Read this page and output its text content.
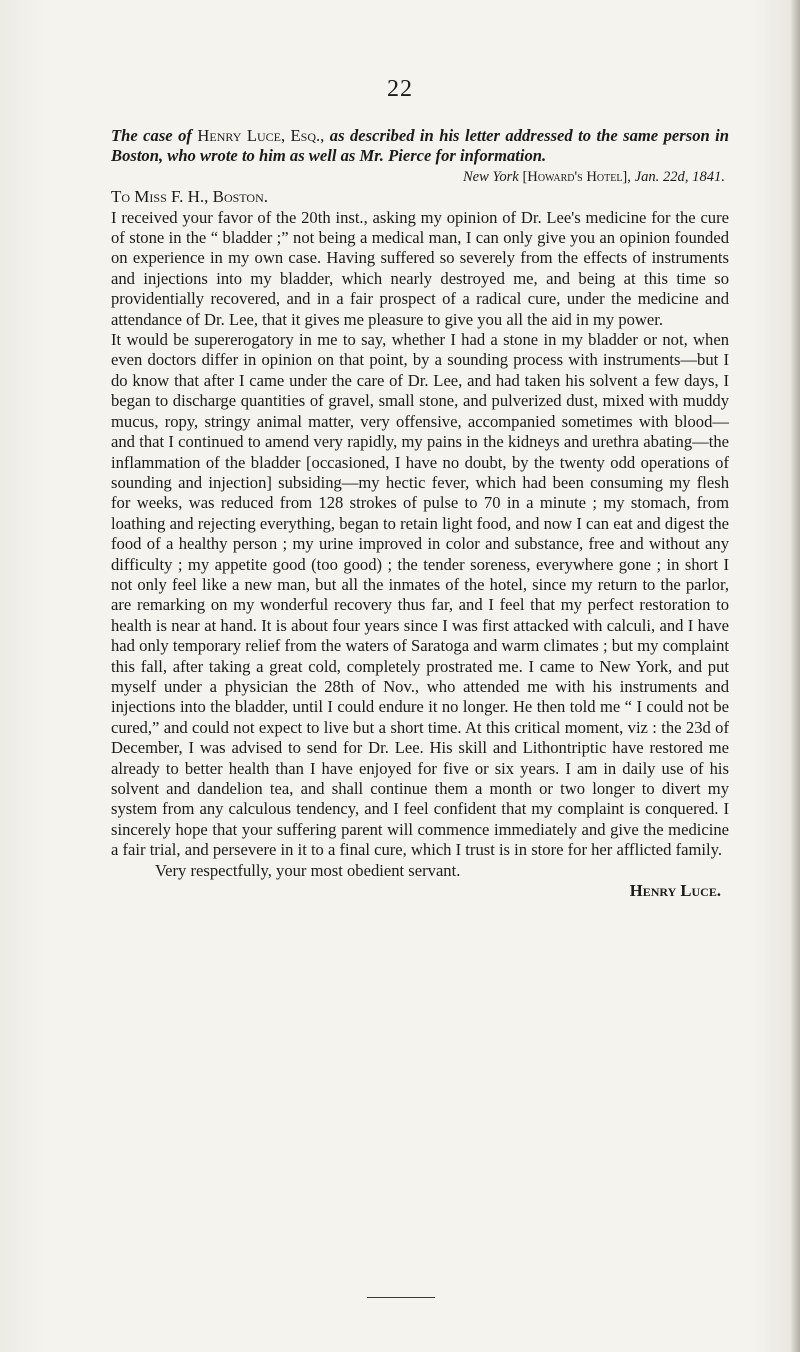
22

The case of Henry Luce, Esq., as described in his letter addressed to the same person in Boston, who wrote to him as well as Mr. Pierce for information.

New York [Howard's Hotel], Jan. 22d, 1841.

To Miss F. H., Boston.

I received your favor of the 20th inst., asking my opinion of Dr. Lee's medicine for the cure of stone in the “ bladder ;” not being a medical man, I can only give you an opinion founded on experience in my own case. Having suffered so severely from the effects of instruments and injections into my bladder, which nearly destroyed me, and being at this time so providentially recovered, and in a fair prospect of a radical cure, under the medicine and attendance of Dr. Lee, that it gives me pleasure to give you all the aid in my power.

It would be supererogatory in me to say, whether I had a stone in my bladder or not, when even doctors differ in opinion on that point, by a sounding process with instruments—but I do know that after I came under the care of Dr. Lee, and had taken his solvent a few days, I began to discharge quantities of gravel, small stone, and pulverized dust, mixed with muddy mucus, ropy, stringy animal matter, very offensive, accompanied sometimes with blood—and that I continued to amend very rapidly, my pains in the kidneys and urethra abating—the inflammation of the bladder [occasioned, I have no doubt, by the twenty odd operations of sounding and injection] subsiding—my hectic fever, which had been consuming my flesh for weeks, was reduced from 128 strokes of pulse to 70 in a minute ; my stomach, from loathing and rejecting everything, began to retain light food, and now I can eat and digest the food of a healthy person ; my urine improved in color and substance, free and without any difficulty ; my appetite good (too good) ; the tender soreness, everywhere gone ; in short I not only feel like a new man, but all the inmates of the hotel, since my return to the parlor, are remarking on my wonderful recovery thus far, and I feel that my perfect restoration to health is near at hand. It is about four years since I was first attacked with calculi, and I have had only temporary relief from the waters of Saratoga and warm climates ; but my complaint this fall, after taking a great cold, completely prostrated me. I came to New York, and put myself under a physician the 28th of Nov., who attended me with his instruments and injections into the bladder, until I could endure it no longer. He then told me “ I could not be cured,” and could not expect to live but a short time. At this critical moment, viz : the 23d of December, I was advised to send for Dr. Lee. His skill and Lithontriptic have restored me already to better health than I have enjoyed for five or six years. I am in daily use of his solvent and dandelion tea, and shall continue them a month or two longer to divert my system from any calculous tendency, and I feel confident that my complaint is conquered. I sincerely hope that your suffering parent will commence immediately and give the medicine a fair trial, and persevere in it to a final cure, which I trust is in store for her afflicted family.

Very respectfully, your most obedient servant.

Henry Luce.
